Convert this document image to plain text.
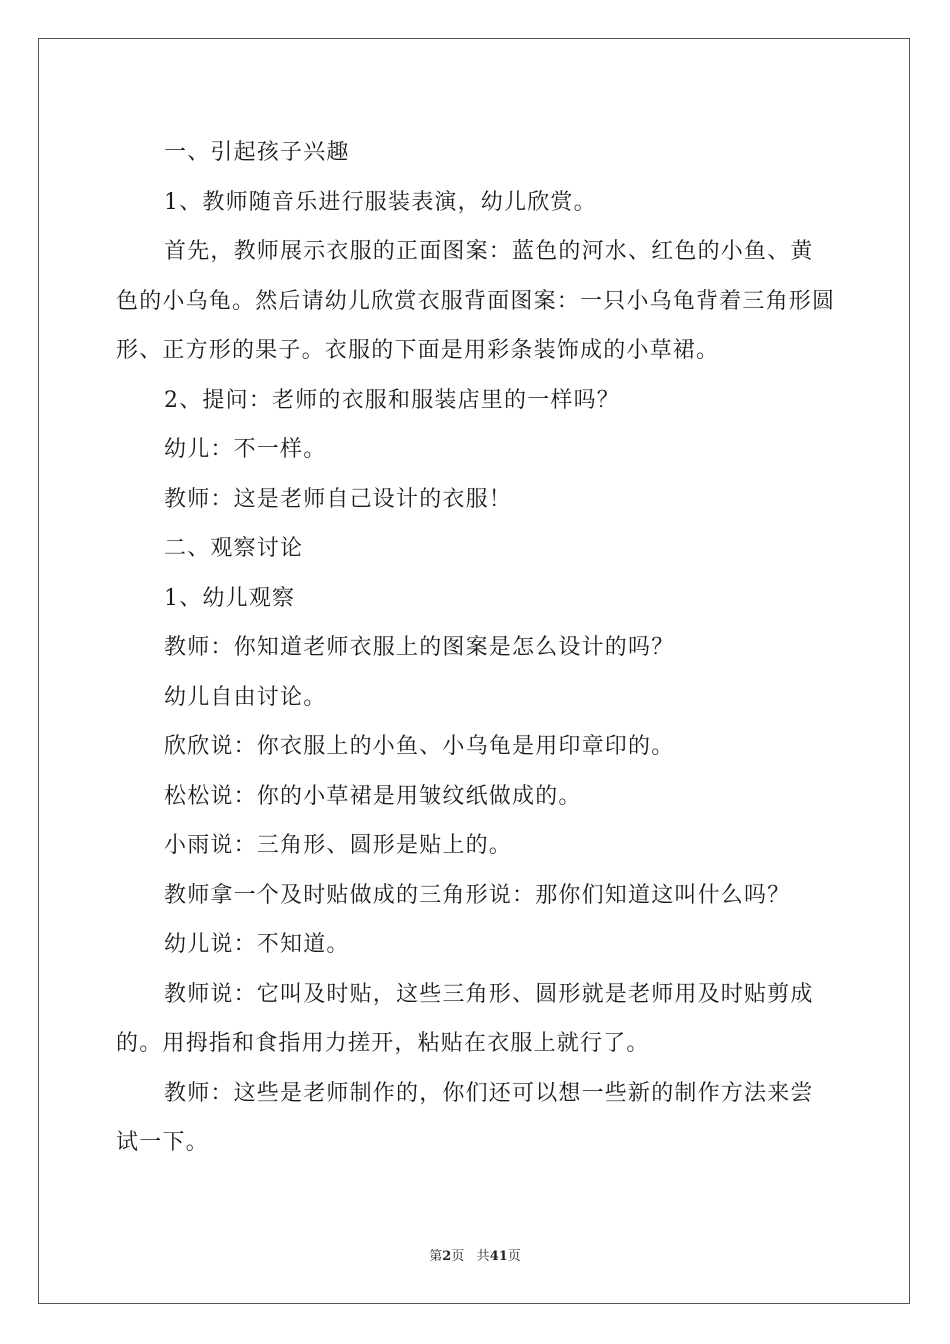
一、引起孩子兴趣

1、教师随音乐进行服装表演，幼儿欣赏。

首先，教师展示衣服的正面图案：蓝色的河水、红色的小鱼、黄色的小乌龟。然后请幼儿欣赏衣服背面图案：一只小乌龟背着三角形圆形、正方形的果子。衣服的下面是用彩条装饰成的小草裙。

2、提问：老师的衣服和服装店里的一样吗？

幼儿：不一样。

教师：这是老师自己设计的衣服！

二、观察讨论

1、幼儿观察

教师：你知道老师衣服上的图案是怎么设计的吗？

幼儿自由讨论。

欣欣说：你衣服上的小鱼、小乌龟是用印章印的。

松松说：你的小草裙是用皱纹纸做成的。

小雨说：三角形、圆形是贴上的。

教师拿一个及时贴做成的三角形说：那你们知道这叫什么吗？

幼儿说：不知道。

教师说：它叫及时贴，这些三角形、圆形就是老师用及时贴剪成的。用拇指和食指用力搓开，粘贴在衣服上就行了。

教师：这些是老师制作的，你们还可以想一些新的制作方法来尝试一下。

第2页 共41页
